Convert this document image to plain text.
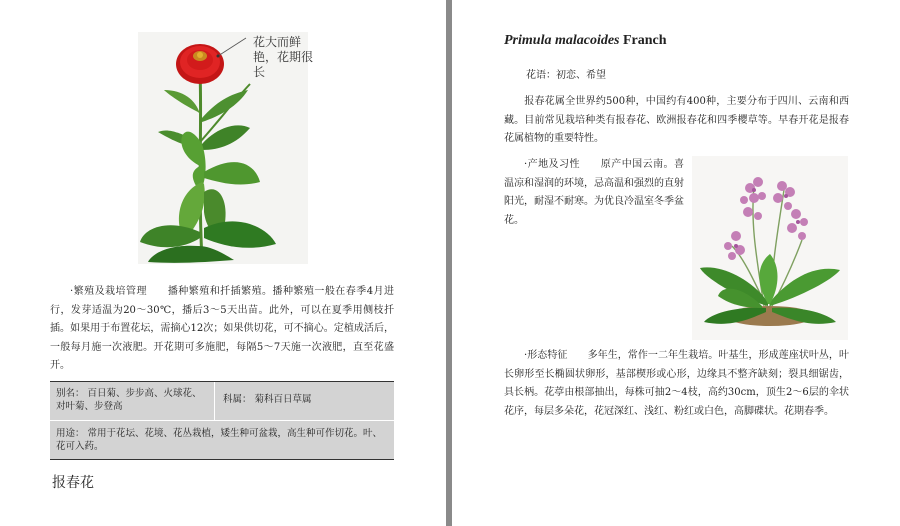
花大而鲜艳，花期很长
·繁殖及栽培管理　　播种繁殖和扦插繁殖。播种繁殖一般在春季4月进行，发芽适温为20～30℃，播后3～5天出苗。此外，可以在夏季用侧枝扦插。如果用于布置花坛，需摘心12次；如果供切花，可不摘心。定植成活后，一般每月施一次液肥。开花期可多施肥，每隔5～7天施一次液肥，直至花盛开。
别名： 百日菊、步步高、火球花、对叶菊、步登高
科属： 菊科百日草属
用途： 常用于花坛、花境、花丛栽植，矮生种可盆栽，高生种可作切花。叶、花可入药。
报春花
Primula malacoides Franch
花语：初恋、希望
报春花属全世界约500种，中国约有400种，主要分布于四川、云南和西藏。目前常见栽培种类有报春花、欧洲报春花和四季樱草等。早春开花是报春花属植物的重要特性。
·产地及习性　　原产中国云南。喜温凉和湿润的环境，忌高温和强烈的直射阳光，耐湿不耐寒。为优良冷温室冬季盆花。
·形态特征　　多年生，常作一二年生栽培。叶基生，形成莲座状叶丛，叶长卵形至长椭圆状卵形，基部楔形或心形，边缘具不整齐缺刻；裂具细锯齿，具长柄。花葶由根部抽出，每株可抽2～4枝，高约30cm，顶生2～6层的伞状花序，每层多朵花，花冠深红、浅红、粉红或白色，高脚碟状。花期春季。
